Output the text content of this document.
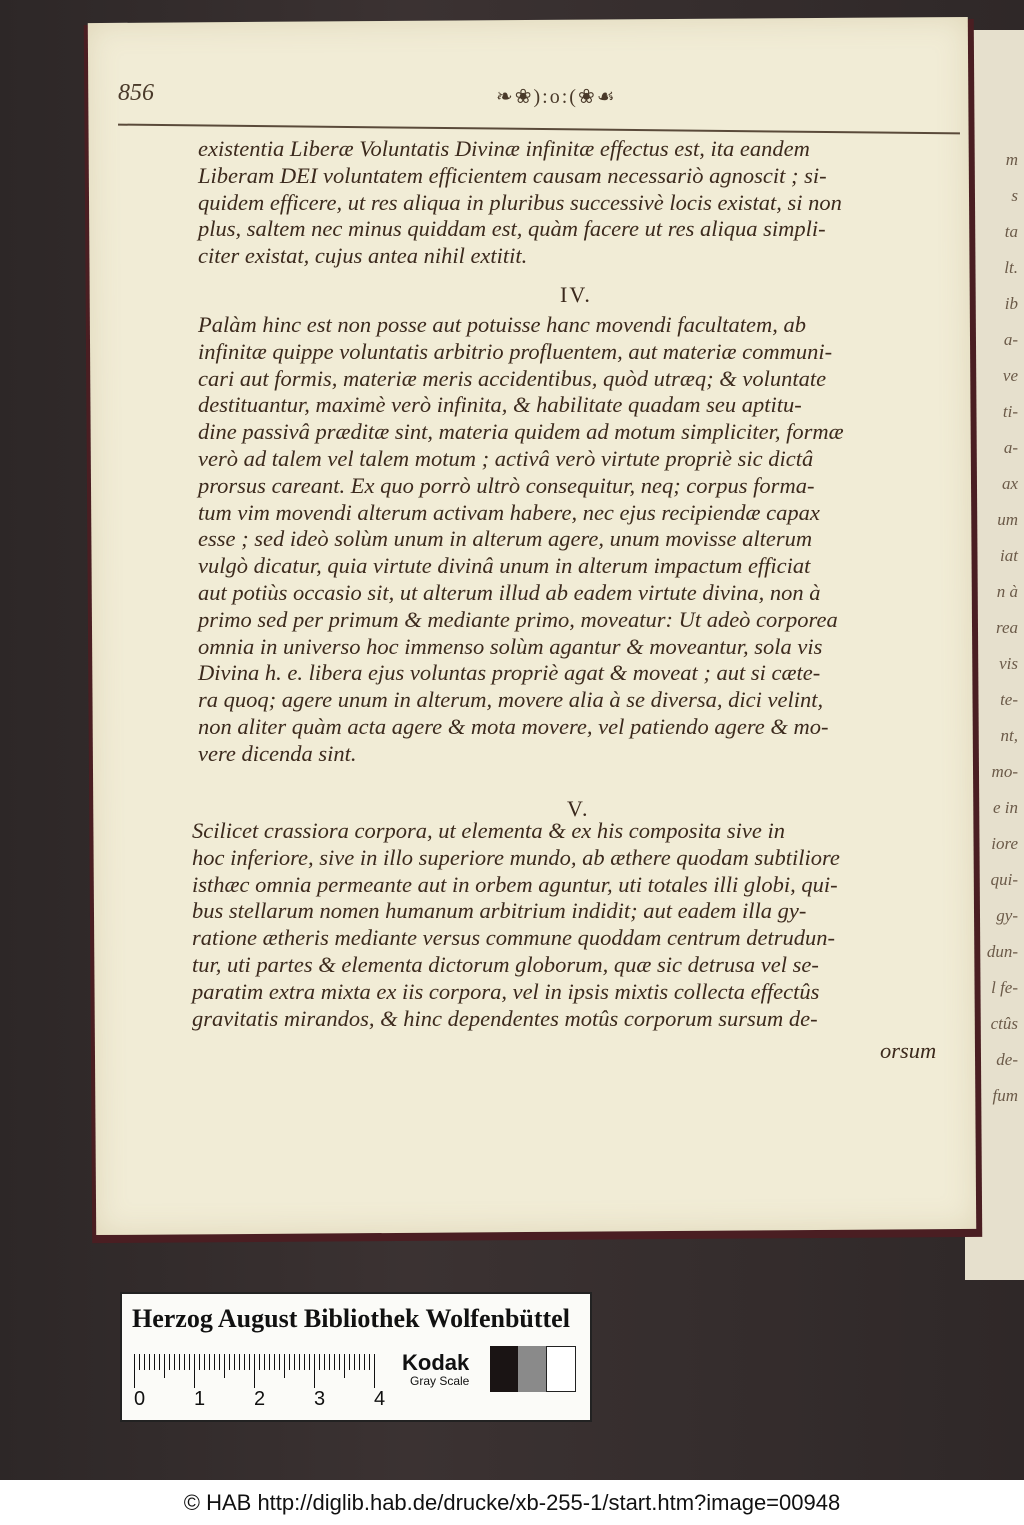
m
s
ta
lt.
ib
a-
ve
ti-
a-
ax
um
iat
n à
rea
vis
te-
nt,
mo-
e in
iore
qui-
gy-
dun-
l fe-
ctûs
de-
fum
856	❧❀):o:(❀☙
existentia Liberæ Voluntatis Divinæ infinitæ effectus est, ita eandem
Liberam DEI voluntatem efficientem causam necessariò agnoscit ; si-
quidem efficere, ut res aliqua in pluribus successivè locis existat, si non
plus, saltem nec minus quiddam est, quàm facere ut res aliqua simpli-
citer existat, cujus antea nihil extitit.
IV.
Palàm hinc est non posse aut potuisse hanc movendi facultatem, ab
infinitæ quippe voluntatis arbitrio profluentem, aut materiæ communi-
cari aut formis, materiæ meris accidentibus, quòd utræq; & voluntate
destituantur, maximè verò infinita, & habilitate quadam seu aptitu-
dine passivâ præditæ sint, materia quidem ad motum simpliciter, formæ
verò ad talem vel talem motum ; activâ verò virtute propriè sic dictâ
prorsus careant. Ex quo porrò ultrò consequitur, neq; corpus forma-
tum vim movendi alterum activam habere, nec ejus recipiendæ capax
esse ; sed ideò solùm unum in alterum agere, unum movisse alterum
vulgò dicatur, quia virtute divinâ unum in alterum impactum efficiat
aut potiùs occasio sit, ut alterum illud ab eadem virtute divina, non à
primo sed per primum & mediante primo, moveatur: Ut adeò corporea
omnia in universo hoc immenso solùm agantur & moveantur, sola vis
Divina h. e. libera ejus voluntas propriè agat & moveat ; aut si cæte-
ra quoq; agere unum in alterum, movere alia à se diversa, dici velint,
non aliter quàm acta agere & mota movere, vel patiendo agere & mo-
vere dicenda sint.
V.
Scilicet crassiora corpora, ut elementa & ex his composita sive in
hoc inferiore, sive in illo superiore mundo, ab æthere quodam subtiliore
isthæc omnia permeante aut in orbem aguntur, uti totales illi globi, qui-
bus stellarum nomen humanum arbitrium indidit; aut eadem illa gy-
ratione ætheris mediante versus commune quoddam centrum detrudun-
tur, uti partes & elementa dictorum globorum, quæ sic detrusa vel se-
paratim extra mixta ex iis corpora, vel in ipsis mixtis collecta effectûs
gravitatis mirandos, & hinc dependentes motûs corporum sursum de-
orsum
Herzog August Bibliothek Wolfenbüttel
0 1 2 3 4
Kodak
Gray Scale
© HAB http://diglib.hab.de/drucke/xb-255-1/start.htm?image=00948
